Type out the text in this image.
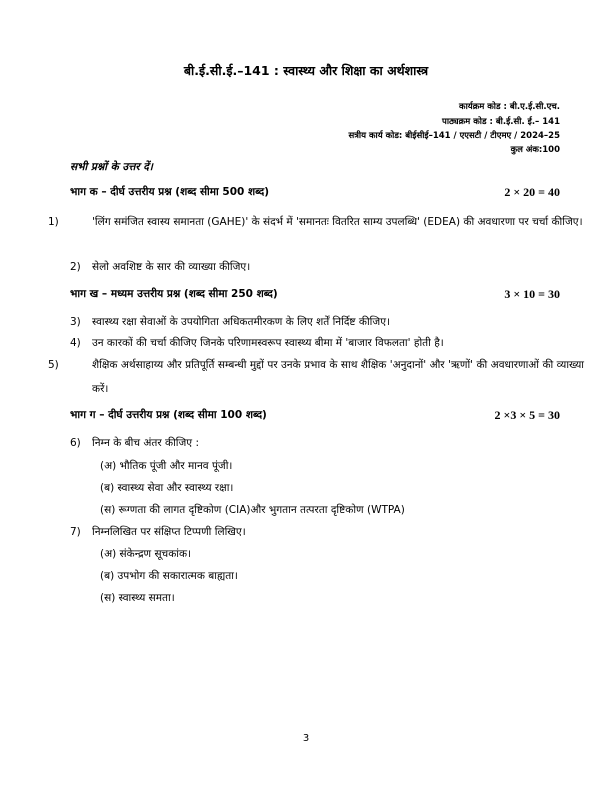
बी.ई.सी.ई.–141 : स्वास्थ्य और शिक्षा का अर्थशास्त्र
कार्यक्रम कोड : बी.ए.ई.सी.एच.
पाठ्यक्रम कोड : बी.ई.सी. ई.– 141
सत्रीय कार्य कोड: बीईसीई–141 / एएसटी / टीएमए / 2024–25
कुल अंक:100
सभी प्रश्नों के उत्तर दें।
भाग क – दीर्घ उत्तरीय प्रश्न (शब्द सीमा 500 शब्द)	2 × 20 = 40
1)	'लिंग समंजित स्वास्य समानता (GAHE)' के संदर्भ में 'समानतः वितरित साम्य उपलब्धि' (EDEA) की अवधारणा पर चर्चा कीजिए।
2) सेलो अवशिष्ट के सार की व्याख्या कीजिए।
भाग ख – मध्यम उत्तरीय प्रश्न (शब्द सीमा 250 शब्द)	3 × 10 = 30
3) स्वास्थ्य रक्षा सेवाओं के उपयोगिता अधिकतमीरकण के लिए शर्तें निर्दिष्ट कीजिए।
4) उन कारकों की चर्चा कीजिए जिनके परिणामस्वरूप स्वास्थ्य बीमा में 'बाजार विफलता' होती है।
5)	शैक्षिक अर्थसाहाय्य और प्रतिपूर्ति सम्बन्धी मुद्दों पर उनके प्रभाव के साथ शैक्षिक 'अनुदानों' और 'ऋणों' की अवधारणाओं की व्याख्या करें।
भाग ग – दीर्घ उत्तरीय प्रश्न (शब्द सीमा 100 शब्द)	2 ×3 × 5 = 30
6) निम्न के बीच अंतर कीजिए :
(अ) भौतिक पूंजी और मानव पूंजी।
(ब) स्वास्थ्य सेवा और स्वास्थ्य रक्षा।
(स) रूग्णता की लागत दृष्टिकोण (CIA)और भुगतान तत्परता दृष्टिकोण (WTPA)
7) निम्नलिखित पर संक्षिप्त टिप्पणी लिखिए।
(अ) संकेन्द्रण सूचकांक।
(ब) उपभोग की सकारात्मक बाह्यता।
(स) स्वास्थ्य समता।
3
